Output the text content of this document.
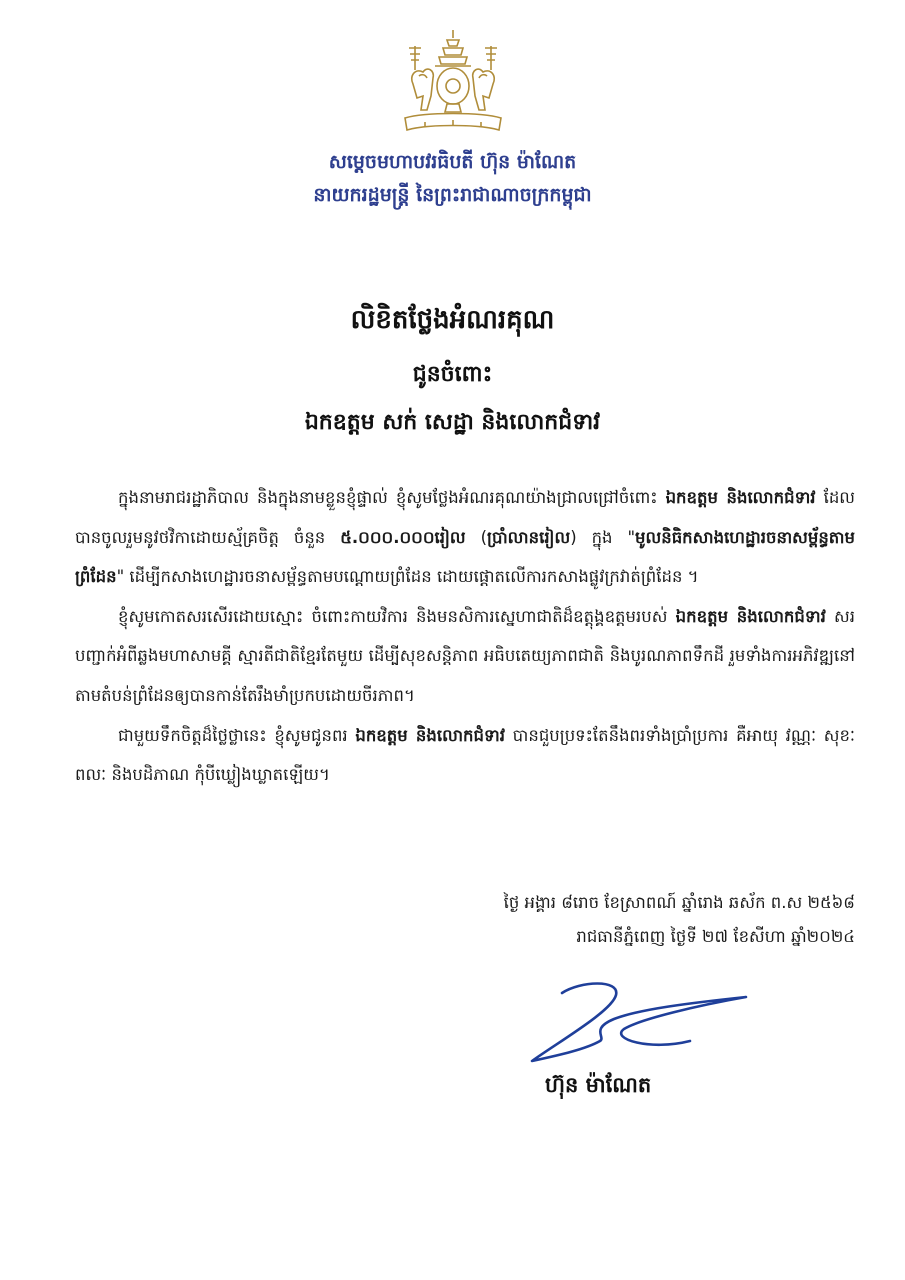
សម្តេចមហាបវរធិបតី ហ៊ុន ម៉ាណែត
នាយករដ្ឋមន្ត្រី នៃព្រះរាជាណាចក្រកម្ពុជា
លិខិតថ្លែងអំណរគុណ
ជូនចំពោះ
ឯកឧត្តម សក់ សេដ្ឋា និងលោកជំទាវ

ក្នុងនាមរាជរដ្ឋាភិបាល និងក្នុងនាមខ្លួនខ្ញុំផ្ទាល់ ខ្ញុំសូមថ្លែងអំណរគុណយ៉ាងជ្រាលជ្រៅចំពោះ ឯកឧត្តម និងលោកជំទាវ ដែលបានចូលរួមនូវថវិកាដោយស្ម័គ្រចិត្ត ចំនួន ៥.០០០.០០០រៀល (ប្រាំលានរៀល) ក្នុង "មូលនិធិកសាងហេដ្ឋារចនាសម្ព័ន្ធតាមព្រំដែន" ដើម្បីកសាងហេដ្ឋារចនាសម្ព័ន្ធតាមបណ្តោយព្រំដែន ដោយផ្តោតលើការកសាងផ្លូវក្រវាត់ព្រំដែន ។

ខ្ញុំសូមកោតសរសើរដោយស្មោះ ចំពោះកាយវិការ និងមនសិការស្នេហាជាតិដ៏ឧត្តុង្គឧត្តមរបស់ ឯកឧត្តម និងលោកជំទាវ សរបញ្ជាក់អំពីឆ្លងមហាសាមគ្គី ស្មារតីជាតិខ្មែរតែមួយ ដើម្បីសុខសន្តិភាព អធិបតេយ្យភាពជាតិ និងបូរណភាពទឹកដី រួមទាំងការអភិវឌ្ឍនៅតាមតំបន់ព្រំដែនឲ្យបានកាន់តែរឹងមាំប្រកបដោយចីរភាព។

ជាមួយទឹកចិត្តដ៏ថ្លៃថ្លានេះ ខ្ញុំសូមជូនពរ ឯកឧត្តម និងលោកជំទាវ បានជួបប្រទះតែនឹងពរទាំងប្រាំប្រការ គឺអាយុ វណ្ណៈ សុខៈ ពលៈ និងបដិភាណ កុំបីឃ្លៀងឃ្លាតឡើយ។

ថ្ងៃ អង្គារ ៨រោច ខែស្រាពណ៍ ឆ្នាំរោង ឆស័ក ព.ស ២៥៦៨
រាជធានីភ្នំពេញ ថ្ងៃទី ២៧ ខែសីហា ឆ្នាំ២០២៤
ហ៊ុន ម៉ាណែត
